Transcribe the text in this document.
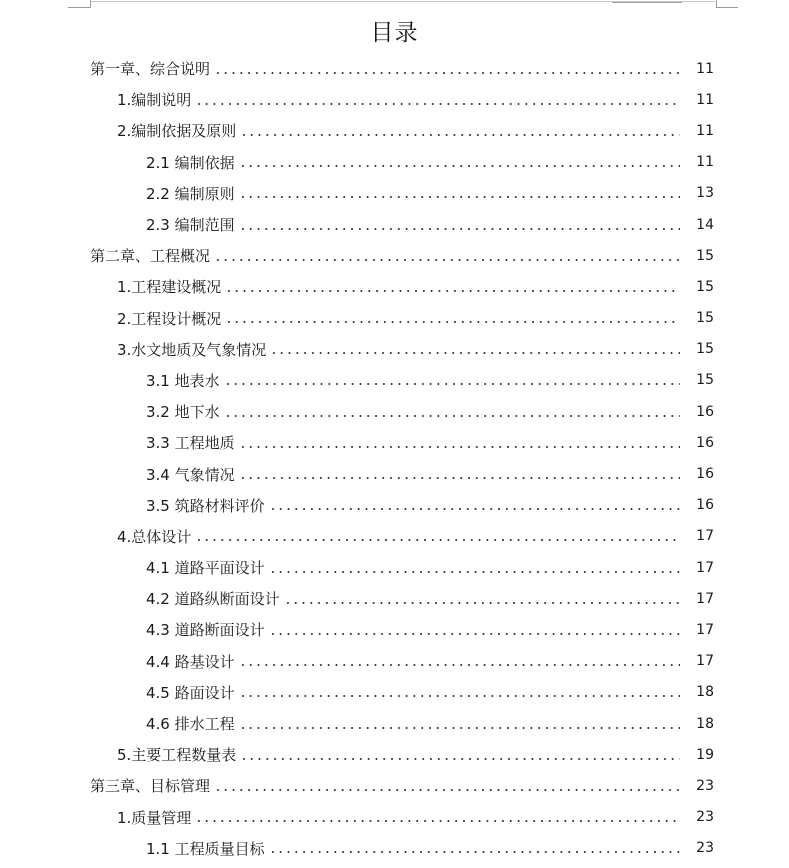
目录
第一章、综合说明	11
1.编制说明	11
2.编制依据及原则	11
2.1 编制依据	11
2.2 编制原则	13
2.3 编制范围	14
第二章、工程概况	15
1.工程建设概况	15
2.工程设计概况	15
3.水文地质及气象情况	15
3.1 地表水	15
3.2 地下水	16
3.3 工程地质	16
3.4 气象情况	16
3.5 筑路材料评价	16
4.总体设计	17
4.1 道路平面设计	17
4.2 道路纵断面设计	17
4.3 道路断面设计	17
4.4 路基设计	17
4.5 路面设计	18
4.6 排水工程	18
5.主要工程数量表	19
第三章、目标管理	23
1.质量管理	23
1.1 工程质量目标	23
